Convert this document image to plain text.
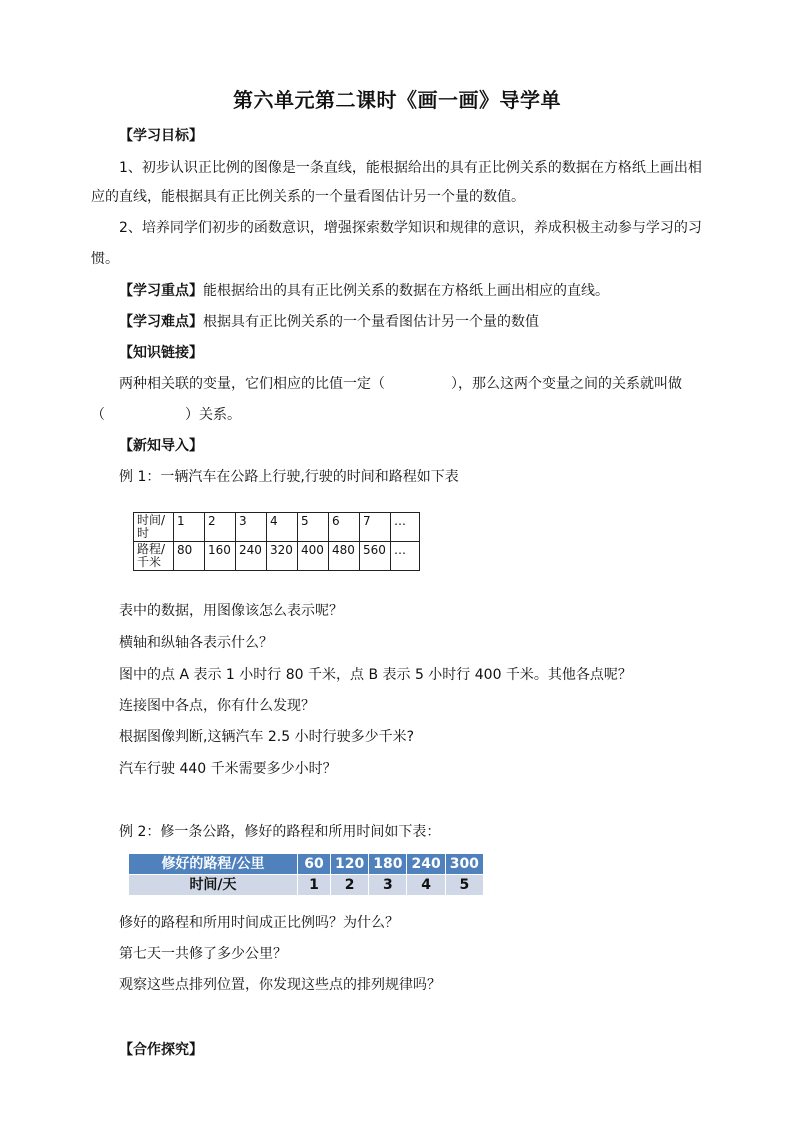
第六单元第二课时《画一画》导学单
【学习目标】
1、初步认识正比例的图像是一条直线，能根据给出的具有正比例关系的数据在方格纸上画出相
应的直线，能根据具有正比例关系的一个量看图估计另一个量的数值。
2、培养同学们初步的函数意识，增强探索数学知识和规律的意识，养成积极主动参与学习的习
惯。
【学习重点】能根据给出的具有正比例关系的数据在方格纸上画出相应的直线。
【学习难点】根据具有正比例关系的一个量看图估计另一个量的数值
【知识链接】
两种相关联的变量，它们相应的比值一定（	），那么这两个变量之间的关系就叫做
（	）关系。
【新知导入】
例 1：一辆汽车在公路上行驶,行驶的时间和路程如下表
时间/
时	1	2	3	4	5	6	7	…
路程/
千米	80	160	240	320	400	480	560	…
表中的数据，用图像该怎么表示呢？
横轴和纵轴各表示什么？
图中的点 A 表示 1 小时行 80 千米，点 B 表示 5 小时行 400 千米。其他各点呢？
连接图中各点，你有什么发现？
根据图像判断,这辆汽车 2.5 小时行驶多少千米?
汽车行驶 440 千米需要多少小时？
例 2：修一条公路，修好的路程和所用时间如下表：
修好的路程/公里	60	120	180	240	300
时间/天	1	2	3	4	5
修好的路程和所用时间成正比例吗？为什么？
第七天一共修了多少公里？
观察这些点排列位置，你发现这些点的排列规律吗？
【合作探究】
